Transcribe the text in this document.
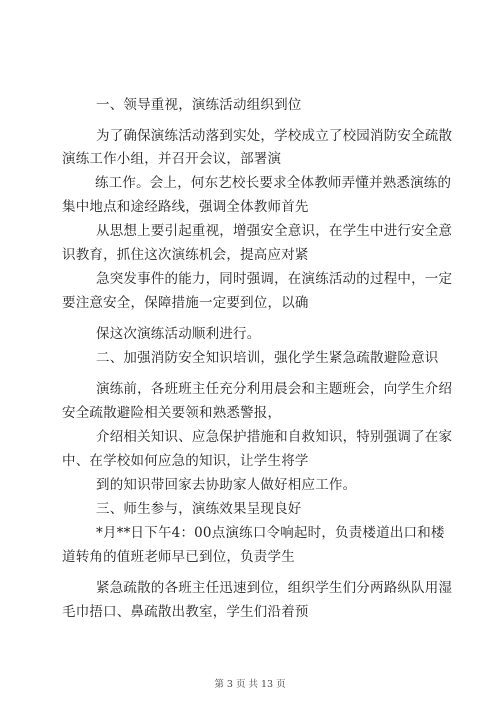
一、领导重视，演练活动组织到位
为了确保演练活动落到实处，学校成立了校园消防安全疏散
演练工作小组，并召开会议，部署演
练工作。会上，何东艺校长要求全体教师弄懂并熟悉演练的
集中地点和途经路线，强调全体教师首先
从思想上要引起重视，增强安全意识，在学生中进行安全意
识教育，抓住这次演练机会，提高应对紧
急突发事件的能力，同时强调，在演练活动的过程中，一定
要注意安全，保障措施一定要到位，以确
保这次演练活动顺利进行。
二、加强消防安全知识培训，强化学生紧急疏散避险意识
演练前，各班班主任充分利用晨会和主题班会，向学生介绍
安全疏散避险相关要领和熟悉警报，
介绍相关知识、应急保护措施和自救知识，特别强调了在家
中、在学校如何应急的知识，让学生将学
到的知识带回家去协助家人做好相应工作。
三、师生参与，演练效果呈现良好
*月**日下午4：00点演练口令响起时，负责楼道出口和楼
道转角的值班老师早已到位，负责学生
紧急疏散的各班主任迅速到位，组织学生们分两路纵队用湿
毛巾捂口、鼻疏散出教室，学生们沿着预
第 3 页 共 13 页
